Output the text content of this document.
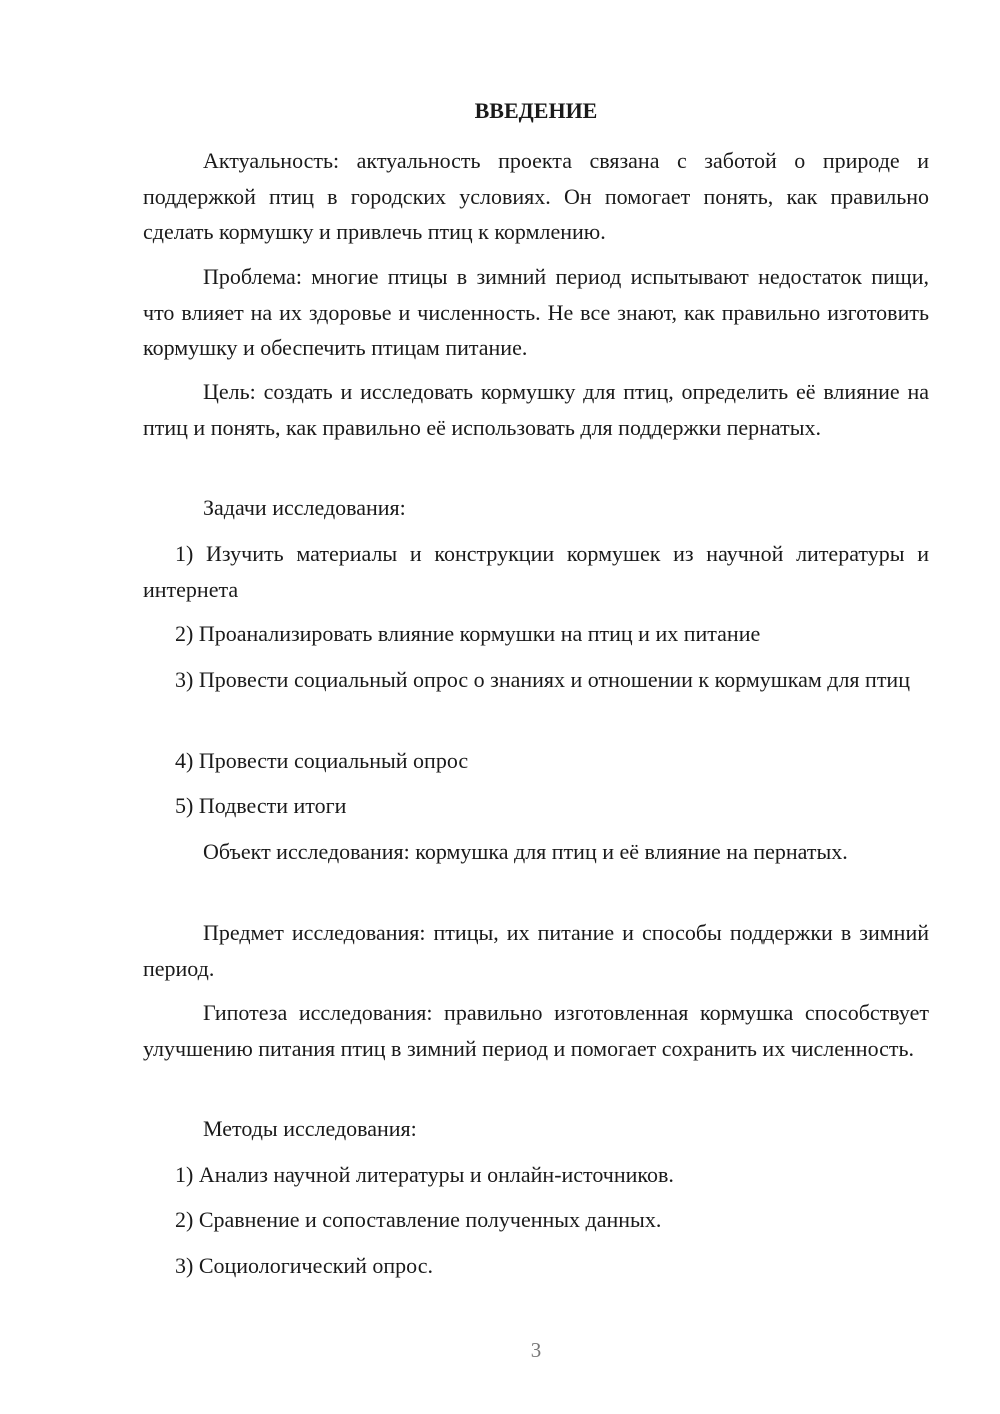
ВВЕДЕНИЕ

Актуальность: актуальность проекта связана с заботой о природе и поддержкой птиц в городских условиях. Он помогает понять, как правильно сделать кормушку и привлечь птиц к кормлению.

Проблема: многие птицы в зимний период испытывают недостаток пищи, что влияет на их здоровье и численность. Не все знают, как правильно изготовить кормушку и обеспечить птицам питание.

Цель: создать и исследовать кормушку для птиц, определить её влияние на птиц и понять, как правильно её использовать для поддержки пернатых.

Задачи исследования:

1) Изучить материалы и конструкции кормушек из научной литературы и интернета

2) Проанализировать влияние кормушки на птиц и их питание

3) Провести социальный опрос о знаниях и отношении к кормушкам для птиц

4) Провести социальный опрос

5) Подвести итоги

Объект исследования: кормушка для птиц и её влияние на пернатых.

Предмет исследования: птицы, их питание и способы поддержки в зимний период.

Гипотеза исследования: правильно изготовленная кормушка способствует улучшению питания птиц в зимний период и помогает сохранить их численность.

Методы исследования:

1) Анализ научной литературы и онлайн-источников.

2) Сравнение и сопоставление полученных данных.

3) Социологический опрос.

3
